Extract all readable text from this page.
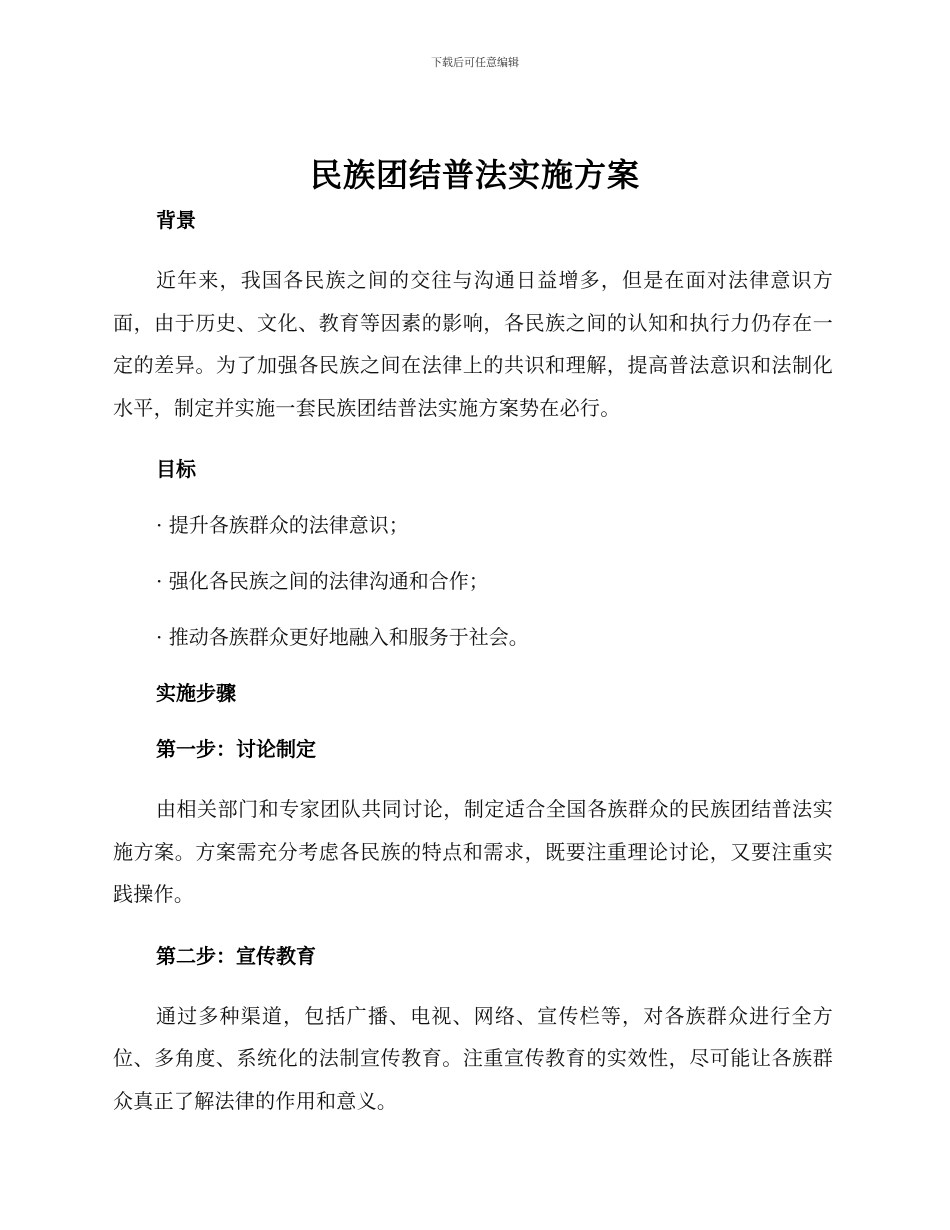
下载后可任意编辑
民族团结普法实施方案

背景

近年来，我国各民族之间的交往与沟通日益增多，但是在面对法律意识方面，由于历史、文化、教育等因素的影响，各民族之间的认知和执行力仍存在一定的差异。为了加强各民族之间在法律上的共识和理解，提高普法意识和法制化水平，制定并实施一套民族团结普法实施方案势在必行。

目标

· 提升各族群众的法律意识；

· 强化各民族之间的法律沟通和合作；

· 推动各族群众更好地融入和服务于社会。

实施步骤

第一步：讨论制定

由相关部门和专家团队共同讨论，制定适合全国各族群众的民族团结普法实施方案。方案需充分考虑各民族的特点和需求，既要注重理论讨论，又要注重实践操作。

第二步：宣传教育

通过多种渠道，包括广播、电视、网络、宣传栏等，对各族群众进行全方位、多角度、系统化的法制宣传教育。注重宣传教育的实效性，尽可能让各族群众真正了解法律的作用和意义。
